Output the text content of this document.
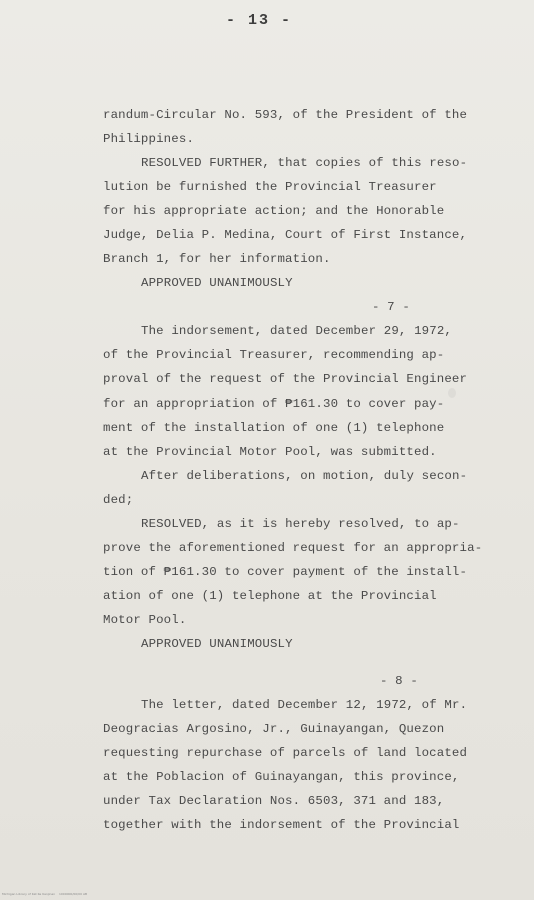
- 13 -
randum-Circular No. 593, of the President of the
Philippines.
RESOLVED FURTHER, that copies of this reso-
lution be furnished the Provincial Treasurer
for his appropriate action; and the Honorable
Judge, Delia P. Medina, Court of First Instance,
Branch 1, for her information.
APPROVED UNANIMOUSLY
- 7 -
The indorsement, dated December 29, 1972,
of the Provincial Treasurer, recommending ap-
proval of the request of the Provincial Engineer
for an appropriation of ₱161.30 to cover pay-
ment of the installation of one (1) telephone
at the Provincial Motor Pool, was submitted.
After deliberations, on motion, duly secon-
ded;
RESOLVED, as it is hereby resolved, to ap-
prove the aforementioned request for an appropria-
tion of ₱161.30 to cover payment of the install-
ation of one (1) telephone at the Provincial
Motor Pool.
APPROVED UNANIMOUSLY
- 8 -
The letter, dated December 12, 1972, of Mr.
Deogracias Argosino, Jr., Guinayangan, Quezon
requesting repurchase of parcels of land located
at the Poblacion of Guinayangan, this province,
under Tax Declaration Nos. 6503, 371 and 183,
together with the indorsement of the Provincial
Michigan Library of Kat Ke Kanjinan    1000000/00/00 AB
